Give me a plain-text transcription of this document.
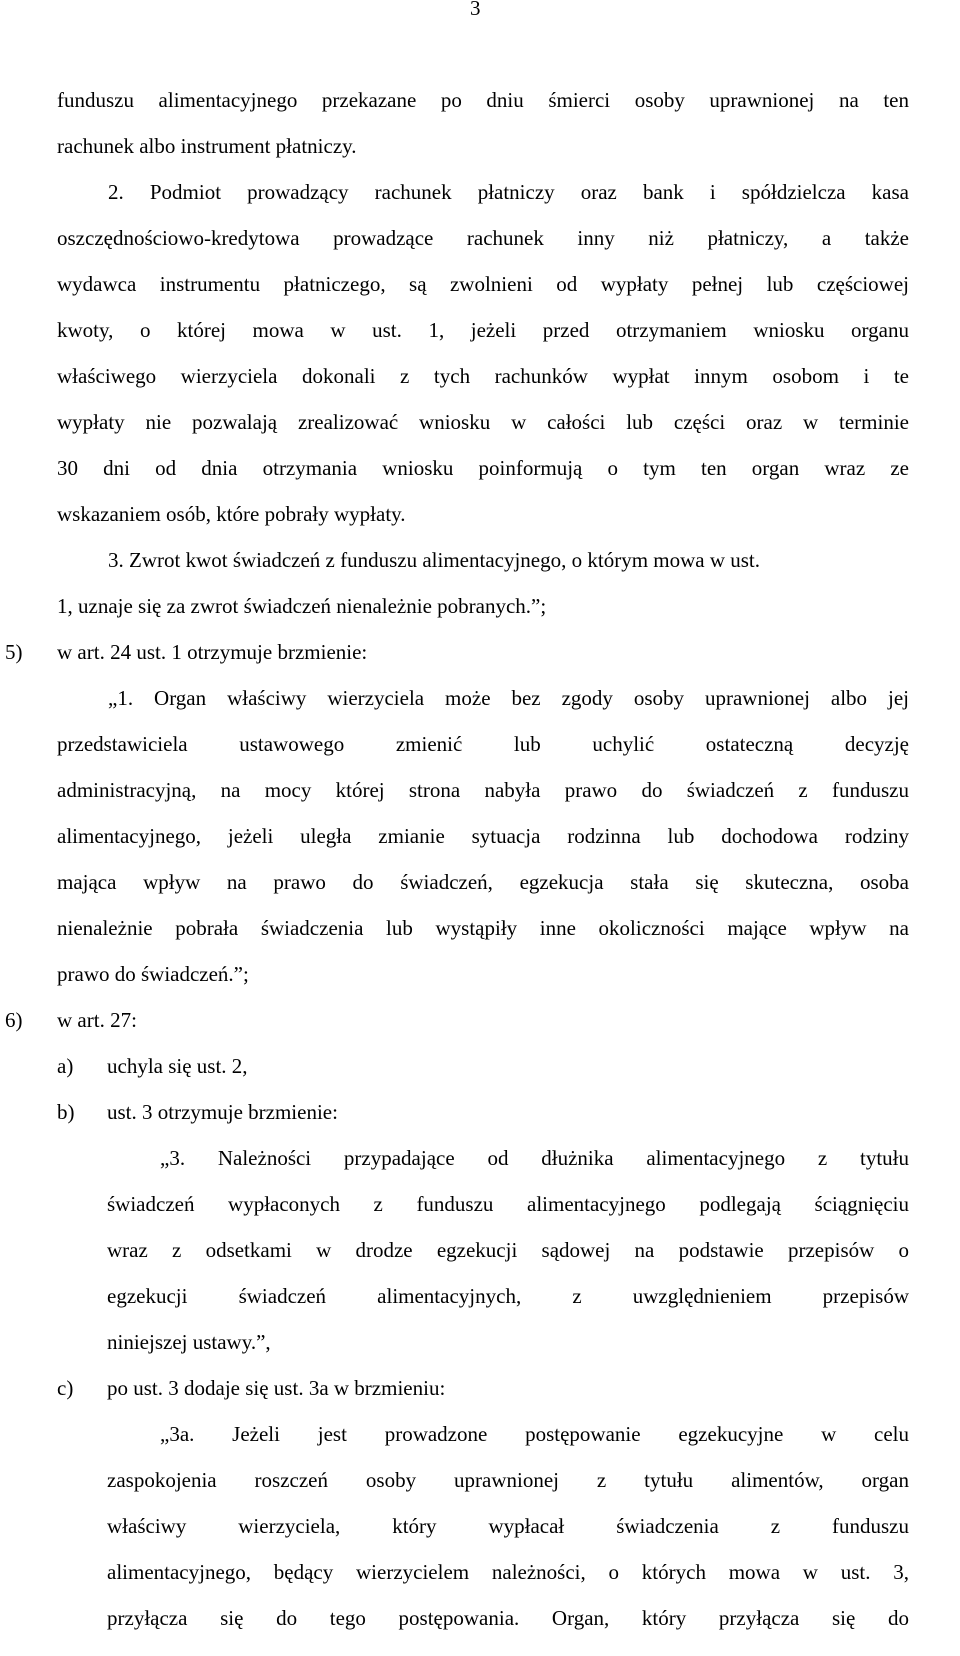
3
funduszu alimentacyjnego przekazane po dniu śmierci osoby uprawnionej na ten
rachunek albo instrument płatniczy.
2. Podmiot prowadzący rachunek płatniczy oraz bank i spółdzielcza kasa
oszczędnościowo-kredytowa prowadzące rachunek inny niż płatniczy, a także
wydawca instrumentu płatniczego, są zwolnieni od wypłaty pełnej lub częściowej
kwoty, o której mowa w ust. 1, jeżeli przed otrzymaniem wniosku organu
właściwego wierzyciela dokonali z tych rachunków wypłat innym osobom i te
wypłaty nie pozwalają zrealizować wniosku w całości lub części oraz w terminie
30 dni od dnia otrzymania wniosku poinformują o tym ten organ wraz ze
wskazaniem osób, które pobrały wypłaty.
3. Zwrot kwot świadczeń z funduszu alimentacyjnego, o którym mowa w ust.
1, uznaje się za zwrot świadczeń nienależnie pobranych.”;
5) w art. 24 ust. 1 otrzymuje brzmienie:
„1. Organ właściwy wierzyciela może bez zgody osoby uprawnionej albo jej
przedstawiciela ustawowego zmienić lub uchylić ostateczną decyzję
administracyjną, na mocy której strona nabyła prawo do świadczeń z funduszu
alimentacyjnego, jeżeli uległa zmianie sytuacja rodzinna lub dochodowa rodziny
mająca wpływ na prawo do świadczeń, egzekucja stała się skuteczna, osoba
nienależnie pobrała świadczenia lub wystąpiły inne okoliczności mające wpływ na
prawo do świadczeń.”;
6) w art. 27:
a) uchyla się ust. 2,
b) ust. 3 otrzymuje brzmienie:
„3. Należności przypadające od dłużnika alimentacyjnego z tytułu
świadczeń wypłaconych z funduszu alimentacyjnego podlegają ściągnięciu
wraz z odsetkami w drodze egzekucji sądowej na podstawie przepisów o
egzekucji świadczeń alimentacyjnych, z uwzględnieniem przepisów
niniejszej ustawy.”,
c) po ust. 3 dodaje się ust. 3a w brzmieniu:
„3a. Jeżeli jest prowadzone postępowanie egzekucyjne w celu
zaspokojenia roszczeń osoby uprawnionej z tytułu alimentów, organ
właściwy wierzyciela, który wypłacał świadczenia z funduszu
alimentacyjnego, będący wierzycielem należności, o których mowa w ust. 3,
przyłącza się do tego postępowania. Organ, który przyłącza się do
